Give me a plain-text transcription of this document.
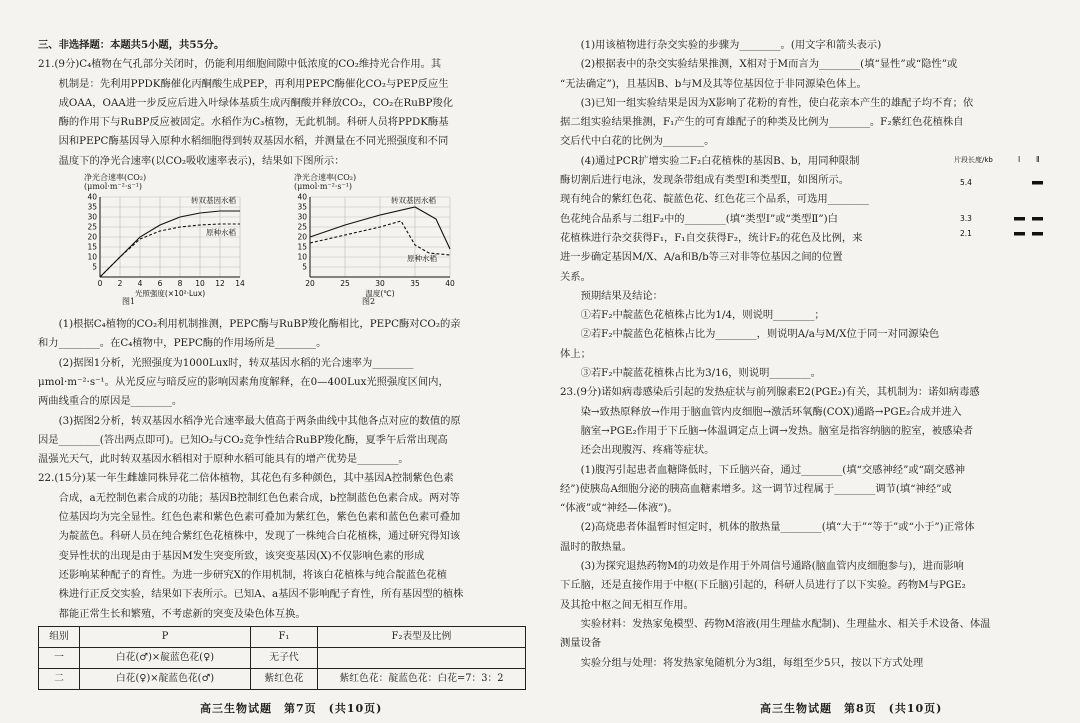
三、非选择题：本题共5小题，共55分。

21.(9分)C₄植物在气孔部分关闭时，仍能利用细胞间隙中低浓度的CO₂维持光合作用。其

机制是：先利用PPDK酶催化丙酮酸生成PEP，再利用PEPC酶催化CO₂与PEP反应生

成OAA，OAA进一步反应后进入叶绿体基质生成丙酮酸并释放CO₂，CO₂在RuBP羧化

酶的作用下与RuBP反应被固定。水稻作为C₃植物，无此机制。科研人员将PPDK酶基

因和PEPC酶基因导入原种水稻细胞得到转双基因水稻，并测量在不同光照强度和不同

温度下的净光合速率(以CO₂吸收速率表示)，结果如下图所示：

净光合速率(CO₂)
(μmol·m⁻²·s⁻¹)
5
10
15
20
25
30
35
40
0 2 4 6 8 10 12 14
光照强度(×10²·Lux)
转双基因水稻
原种水稻
图1
净光合速率(CO₂)
(μmol·m⁻²·s⁻¹)
5
10
15
20
25
30
35
40
20	25	30	35	40
温度(℃)
转双基因水稻
原种水稻
图2

(1)根据C₄植物的CO₂利用机制推测，PEPC酶与RuBP羧化酶相比，PEPC酶对CO₂的亲

和力________。在C₄植物中，PEPC酶的作用场所是________。

(2)据图1分析，光照强度为1000Lux时，转双基因水稻的光合速率为________

μmol·m⁻²·s⁻¹。从光反应与暗反应的影响因素角度解释，在0—400Lux光照强度区间内，

两曲线重合的原因是________。

(3)据图2分析，转双基因水稻净光合速率最大值高于两条曲线中其他各点对应的数值的原

因是________(答出两点即可)。已知O₂与CO₂竞争性结合RuBP羧化酶，夏季午后常出现高

温强光天气，此时转双基因水稻相对于原种水稻可能具有的增产优势是________。

22.(15分)某一年生雌雄同株异花二倍体植物，其花色有多种颜色，其中基因A控制紫色色素

合成，a无控制色素合成的功能；基因B控制红色色素合成，b控制蓝色色素合成。两对等

位基因均为完全显性。红色色素和紫色色素可叠加为紫红色，紫色色素和蓝色色素可叠加

为靛蓝色。科研人员在纯合紫红色花植株中，发现了一株纯合白花植株，通过研究得知该

变异性状的出现是由于基因M发生突变所致，该突变基因(X)不仅影响色素的形成

还影响某种配子的育性。为进一步研究X的作用机制，将该白花植株与纯合靛蓝色花植

株进行正反交实验，结果如下表所示。已知A、a基因不影响配子育性，所有基因型的植株

都能正常生长和繁殖，不考虑新的突变及染色体互换。

组别	P	F₁	F₂表型及比例
一	白花(♂)×靛蓝色花(♀)	无子代	
二	白花(♀)×靛蓝色花(♂)	紫红色花	紫红色花：靛蓝色花：白花=7：3：2

(1)用该植物进行杂交实验的步骤为________。(用文字和箭头表示)

(2)根据表中的杂交实验结果推测，X相对于M而言为________(填“显性”或“隐性”或

“无法确定”)，且基因B、b与M及其等位基因位于非同源染色体上。

(3)已知一组实验结果是因为X影响了花粉的育性，使白花亲本产生的雄配子均不育；依

据二组实验结果推测，F₁产生的可育雄配子的种类及比例为________。F₂紫红色花植株自

交后代中白花的比例为________。

片段长度/kb	Ⅰ Ⅱ
5.4
3.3
2.1

(4)通过PCR扩增实验二F₂白花植株的基因B、b，用同种限制

酶切割后进行电泳，发现条带组成有类型Ⅰ和类型Ⅱ，如图所示。

现有纯合的紫红色花、靛蓝色花、红色花三个品系，可选用________

色花纯合品系与二组F₂中的________(填“类型Ⅰ”或“类型Ⅱ”)白

花植株进行杂交获得F₁，F₁自交获得F₂，统计F₂的花色及比例，来

进一步确定基因M/X、A/a和B/b等三对非等位基因之间的位置

关系。

预期结果及结论：

①若F₂中靛蓝色花植株占比为1/4，则说明________；

②若F₂中靛蓝色花植株占比为________，则说明A/a与M/X位于同一对同源染色

体上；

③若F₂中靛蓝花植株占比为3/16，则说明________。

23.(9分)诺如病毒感染后引起的发热症状与前列腺素E2(PGE₂)有关，其机制为：诺如病毒感

染→致热原释放→作用于脑血管内皮细胞→激活环氧酶(COX)通路→PGE₂合成并进入

脑室→PGE₂作用于下丘脑→体温调定点上调→发热。脑室是指容纳脑的腔室，被感染者

还会出现腹泻、疼痛等症状。

(1)腹泻引起患者血糖降低时，下丘脑兴奋，通过________(填“交感神经”或“副交感神

经”)使胰岛A细胞分泌的胰高血糖素增多。这一调节过程属于________调节(填“神经”或

“体液”或“神经—体液”)。

(2)高烧患者体温暂时恒定时，机体的散热量________(填“大于”“等于”或“小于”)正常体

温时的散热量。

(3)为探究退热药物M的功效是作用于外周信号通路(脑血管内皮细胞参与)，进而影响

下丘脑，还是直接作用于中枢(下丘脑)引起的，科研人员进行了以下实验。药物M与PGE₂

及其抢中枢之间无相互作用。

实验材料：发热家兔模型、药物M溶液(用生理盐水配制)、生理盐水、相关手术设备、体温

测量设备

实验分组与处理：将发热家兔随机分为3组，每组至少5只，按以下方式处理

高三生物试题　第7页　(共10页)	高三生物试题　第8页　(共10页)
